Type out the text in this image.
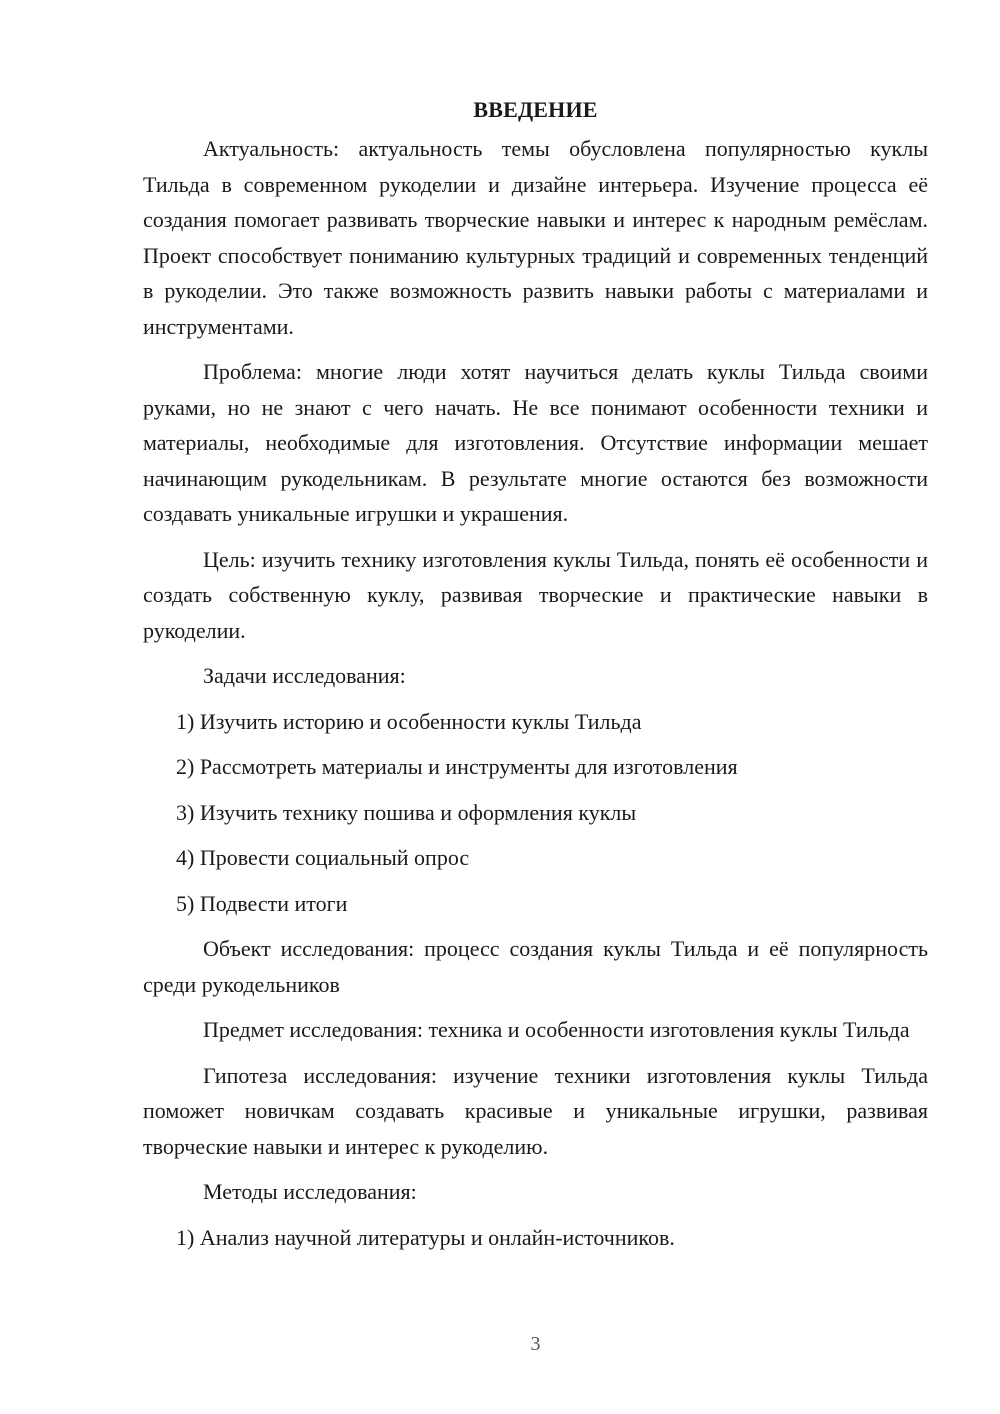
ВВЕДЕНИЕ

Актуальность: актуальность темы обусловлена популярностью куклы Тильда в современном рукоделии и дизайне интерьера. Изучение процесса её создания помогает развивать творческие навыки и интерес к народным ремёслам. Проект способствует пониманию культурных традиций и современных тенденций в рукоделии. Это также возможность развить навыки работы с материалами и инструментами.

Проблема: многие люди хотят научиться делать куклы Тильда своими руками, но не знают с чего начать. Не все понимают особенности техники и материалы, необходимые для изготовления. Отсутствие информации мешает начинающим рукодельникам. В результате многие остаются без возможности создавать уникальные игрушки и украшения.

Цель: изучить технику изготовления куклы Тильда, понять её особенности и создать собственную куклу, развивая творческие и практические навыки в рукоделии.

Задачи исследования:

1) Изучить историю и особенности куклы Тильда
2) Рассмотреть материалы и инструменты для изготовления
3) Изучить технику пошива и оформления куклы
4) Провести социальный опрос
5) Подвести итоги

Объект исследования: процесс создания куклы Тильда и её популярность среди рукодельников

Предмет исследования: техника и особенности изготовления куклы Тильда

Гипотеза исследования: изучение техники изготовления куклы Тильда поможет новичкам создавать красивые и уникальные игрушки, развивая творческие навыки и интерес к рукоделию.

Методы исследования:

1) Анализ научной литературы и онлайн-источников.
3
